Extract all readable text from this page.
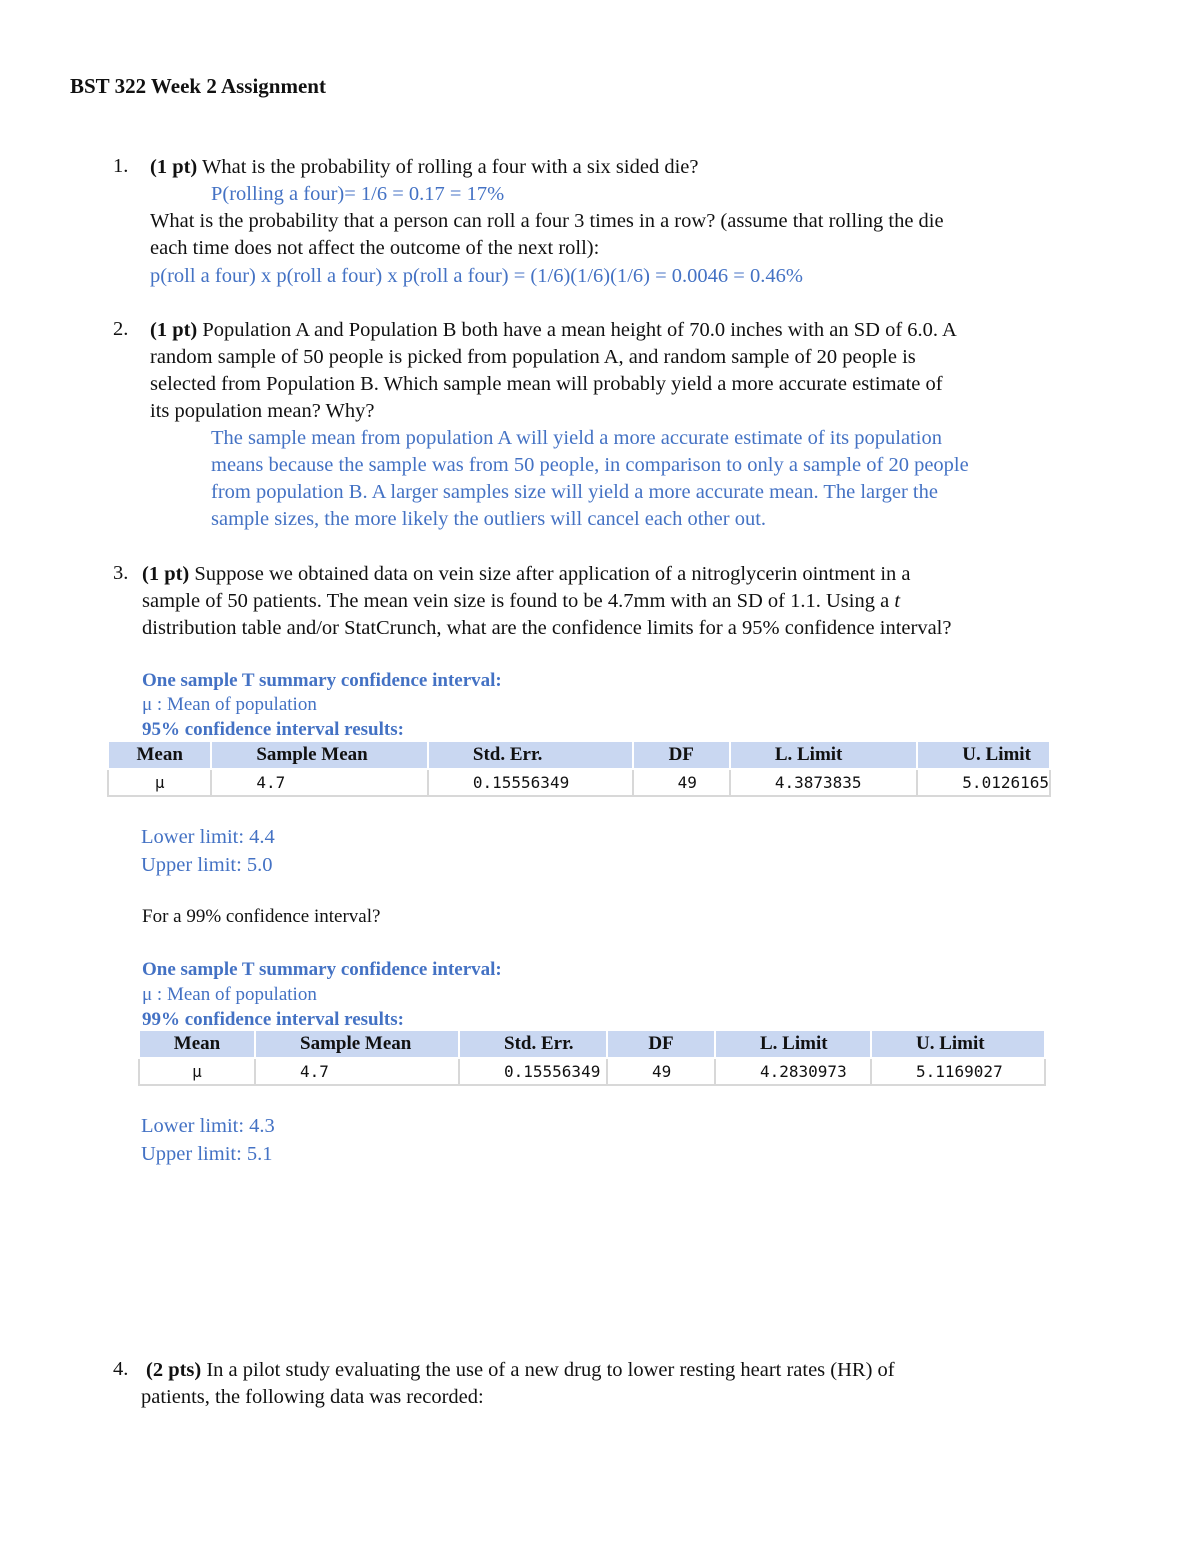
BST 322 Week 2 Assignment
1. (1 pt) What is the probability of rolling a four with a six sided die?
P(rolling a four)= 1/6 = 0.17 = 17%
What is the probability that a person can roll a four 3 times in a row? (assume that rolling the die
each time does not affect the outcome of the next roll):
p(roll a four) x p(roll a four) x p(roll a four) = (1/6)(1/6)(1/6) = 0.0046 = 0.46%
2. (1 pt) Population A and Population B both have a mean height of 70.0 inches with an SD of 6.0. A
random sample of 50 people is picked from population A, and random sample of 20 people is
selected from Population B. Which sample mean will probably yield a more accurate estimate of
its population mean? Why?
The sample mean from population A will yield a more accurate estimate of its population
means because the sample was from 50 people, in comparison to only a sample of 20 people
from population B. A larger samples size will yield a more accurate mean. The larger the
sample sizes, the more likely the outliers will cancel each other out.
3. (1 pt) Suppose we obtained data on vein size after application of a nitroglycerin ointment in a
sample of 50 patients. The mean vein size is found to be 4.7mm with an SD of 1.1. Using a t
distribution table and/or StatCrunch, what are the confidence limits for a 95% confidence interval?
One sample T summary confidence interval:
μ : Mean of population
95% confidence interval results:
Mean	Sample Mean	Std. Err.	DF	L. Limit	U. Limit
μ	4.7	0.15556349	49	4.3873835	5.0126165
Lower limit: 4.4
Upper limit: 5.0
For a 99% confidence interval?
One sample T summary confidence interval:
μ : Mean of population
99% confidence interval results:
Mean	Sample Mean	Std. Err.	DF	L. Limit	U. Limit
μ	4.7	0.15556349	49	4.2830973	5.1169027
Lower limit: 4.3
Upper limit: 5.1
4. (2 pts) In a pilot study evaluating the use of a new drug to lower resting heart rates (HR) of
patients, the following data was recorded:
